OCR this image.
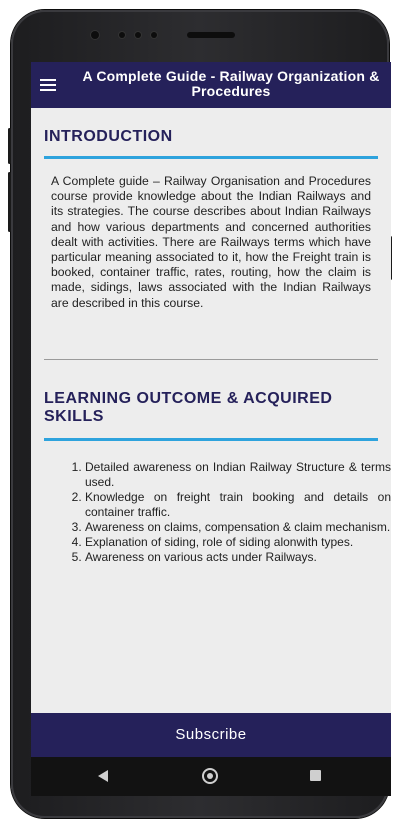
A Complete Guide - Railway Organization & Procedures
INTRODUCTION
A Complete guide – Railway Organisation and Procedures course provide knowledge about the Indian Railways and its strategies. The course describes about Indian Railways and how various departments and concerned authorities dealt with activities. There are Railways terms which have particular meaning associated to it, how the Freight train is booked, container traffic, rates, routing, how the claim is made, sidings, laws associated with the Indian Railways are described in this course.
LEARNING OUTCOME & ACQUIRED SKILLS
1. Detailed awareness on Indian Railway Structure & terms used.
2. Knowledge on freight train booking and details on container traffic.
3. Awareness on claims, compensation & claim mechanism.
4. Explanation of siding, role of siding alonwith types.
5. Awareness on various acts under Railways.
Subscribe
